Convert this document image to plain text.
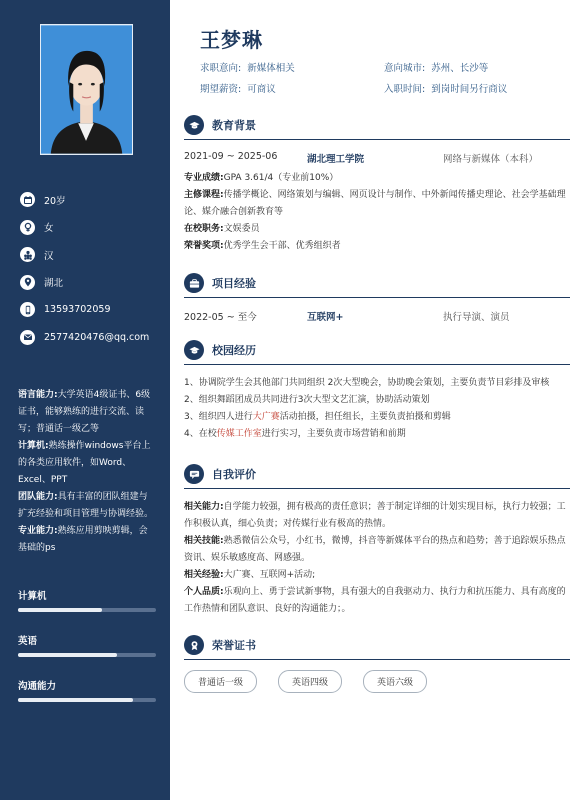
20岁
女
汉
湖北
13593702059
2577420476@qq.com
语言能力:大学英语4级证书、6级证书，能够熟练的进行交流、读写；普通话一级乙等
计算机:熟练操作windows平台上的各类应用软件，如Word、Excel、PPT
团队能力:具有丰富的团队组建与扩充经验和项目管理与协调经验。
专业能力:熟练应用剪映剪辑，会基础的ps
计算机
英语
沟通能力
王梦琳
求职意向: 新媒体相关	意向城市: 苏州、长沙等
期望薪资: 可商议	入职时间: 到岗时间另行商议
教育背景
2021-09 ~ 2025-06	湖北理工学院	网络与新媒体（本科）
专业成绩:GPA 3.61/4（专业前10%）
主修课程:传播学概论、网络策划与编辑、网页设计与制作、中外新闻传播史理论、社会学基础理论、媒介融合创新教育等
在校职务:文娱委员
荣誉奖项:优秀学生会干部、优秀组织者
项目经验
2022-05 ~ 至今	互联网+	执行导演、演员
校园经历
1、协调院学生会其他部门共同组织 2次大型晚会，协助晚会策划，主要负责节目彩排及审核
2、组织舞蹈团成员共同进行3次大型文艺汇演，协助活动策划
3、组织四人进行大广赛活动拍摄，担任组长，主要负责拍摄和剪辑
4、在校传媒工作室进行实习，主要负责市场营销和前期
自我评价
相关能力:自学能力较强，拥有极高的责任意识；善于制定详细的计划实现目标，执行力较强；工作积极认真，细心负责；对传媒行业有极高的热情。
相关技能:熟悉微信公众号，小红书，微博，抖音等新媒体平台的热点和趋势；善于追踪娱乐热点资讯、娱乐敏感度高、网感强。
相关经验:大广赛、互联网+活动;
个人品质:乐观向上、勇于尝试新事物，具有强大的自我驱动力、执行力和抗压能力、具有高度的工作热情和团队意识、良好的沟通能力；。
荣誉证书
普通话一级	英语四级	英语六级
